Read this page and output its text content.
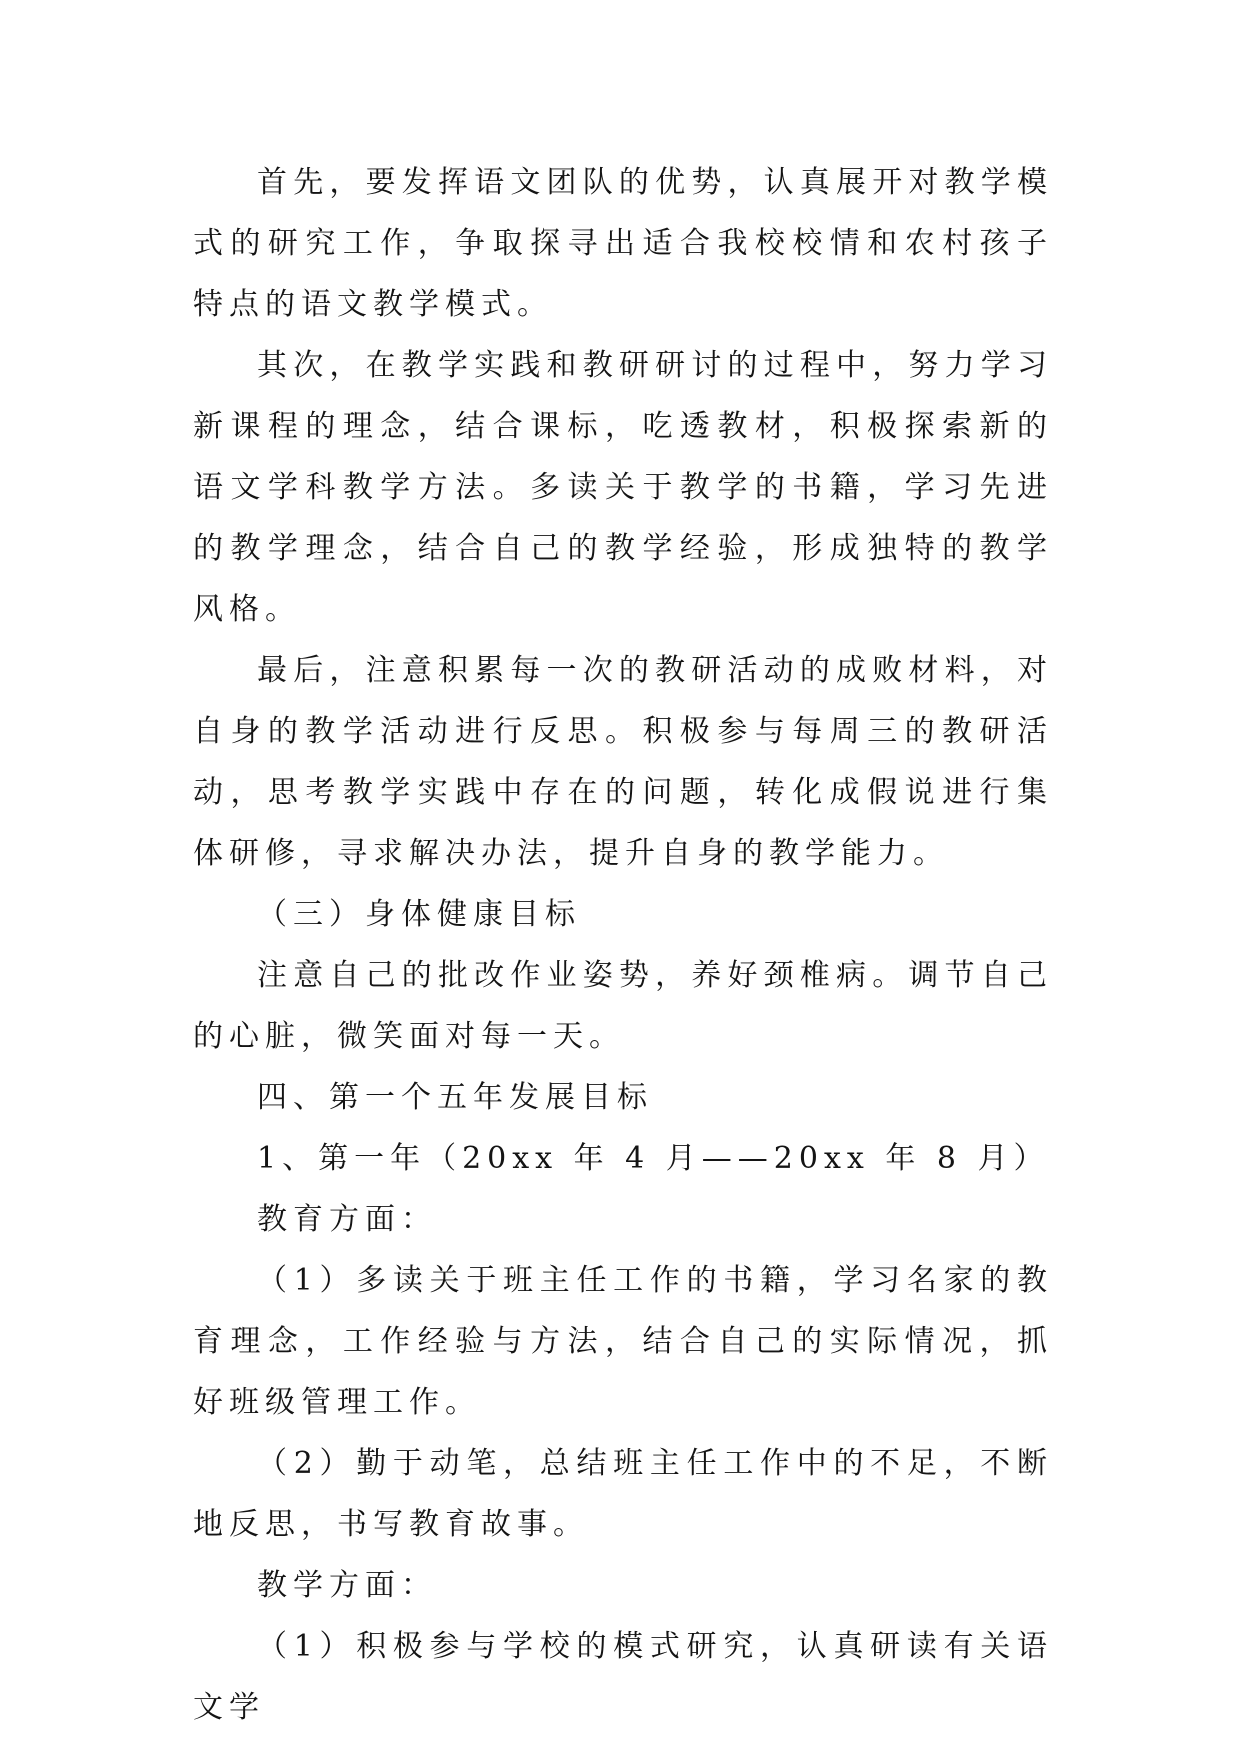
首先，要发挥语文团队的优势，认真展开对教学模式的研究工作，争取探寻出适合我校校情和农村孩子特点的语文教学模式。

其次，在教学实践和教研研讨的过程中，努力学习新课程的理念，结合课标，吃透教材，积极探索新的语文学科教学方法。多读关于教学的书籍，学习先进的教学理念，结合自己的教学经验，形成独特的教学风格。

最后，注意积累每一次的教研活动的成败材料，对自身的教学活动进行反思。积极参与每周三的教研活动，思考教学实践中存在的问题，转化成假说进行集体研修，寻求解决办法，提升自身的教学能力。

（三）身体健康目标

注意自己的批改作业姿势，养好颈椎病。调节自己的心脏，微笑面对每一天。

四、第一个五年发展目标

1、第一年（20xx 年 4 月——20xx 年 8 月）

教育方面：

（1）多读关于班主任工作的书籍，学习名家的教育理念，工作经验与方法，结合自己的实际情况，抓好班级管理工作。

（2）勤于动笔，总结班主任工作中的不足，不断地反思，书写教育故事。

教学方面：

（1）积极参与学校的模式研究，认真研读有关语文学
